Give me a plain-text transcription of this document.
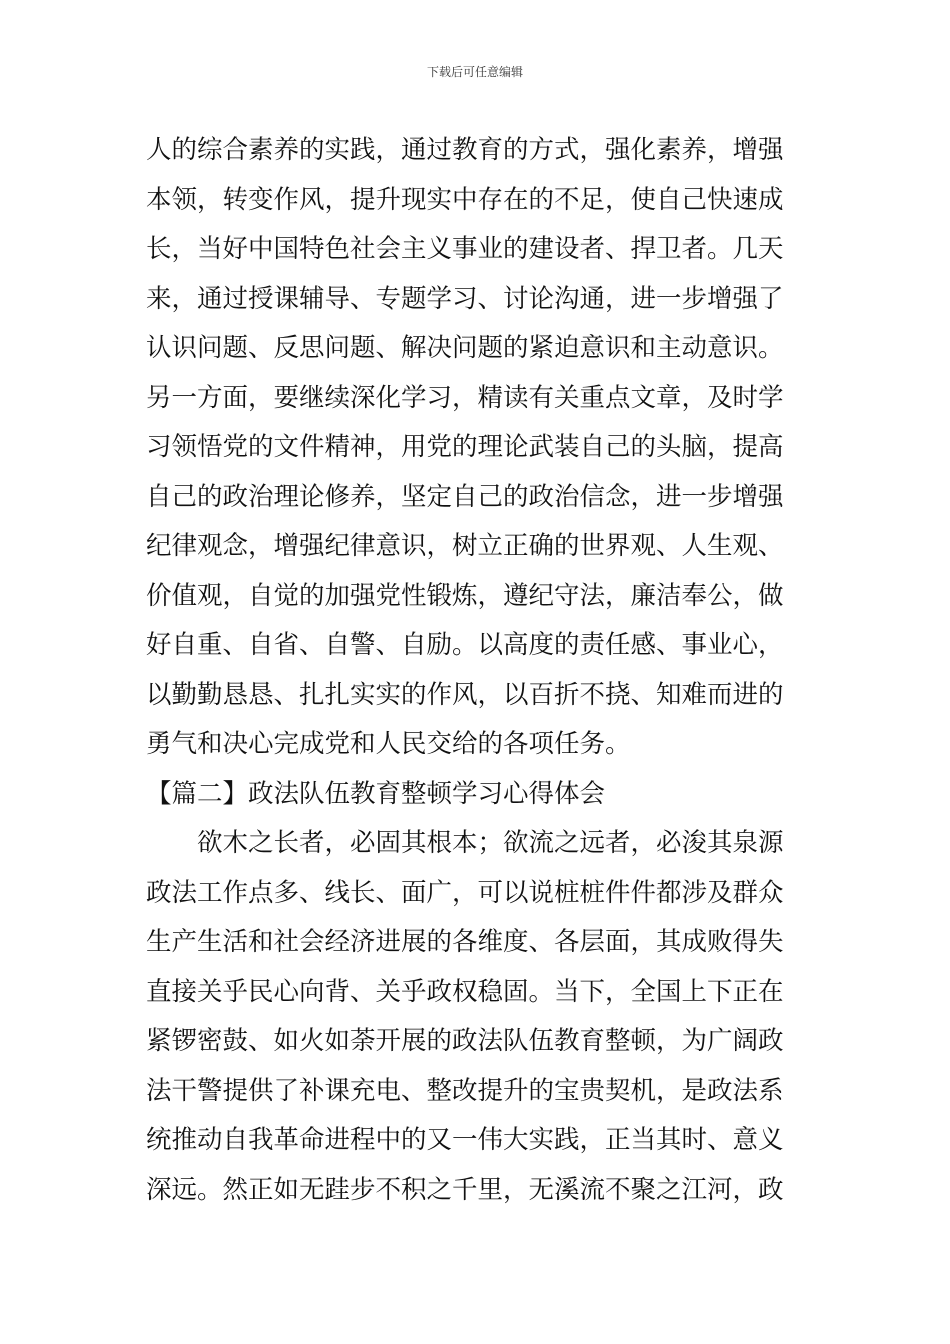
下载后可任意编辑
人的综合素养的实践，通过教育的方式，强化素养，增强
本领，转变作风，提升现实中存在的不足，使自己快速成
长，当好中国特色社会主义事业的建设者、捍卫者。几天
来，通过授课辅导、专题学习、讨论沟通，进一步增强了
认识问题、反思问题、解决问题的紧迫意识和主动意识。
另一方面，要继续深化学习，精读有关重点文章，及时学
习领悟党的文件精神，用党的理论武装自己的头脑，提高
自己的政治理论修养，坚定自己的政治信念，进一步增强
纪律观念，增强纪律意识，树立正确的世界观、人生观、
价值观，自觉的加强党性锻炼，遵纪守法，廉洁奉公，做
好自重、自省、自警、自励。以高度的责任感、事业心，
以勤勤恳恳、扎扎实实的作风，以百折不挠、知难而进的
勇气和决心完成党和人民交给的各项任务。
【篇二】政法队伍教育整顿学习心得体会
欲木之长者，必固其根本；欲流之远者，必浚其泉源
政法工作点多、线长、面广，可以说桩桩件件都涉及群众
生产生活和社会经济进展的各维度、各层面，其成败得失
直接关乎民心向背、关乎政权稳固。当下，全国上下正在
紧锣密鼓、如火如荼开展的政法队伍教育整顿，为广阔政
法干警提供了补课充电、整改提升的宝贵契机，是政法系
统推动自我革命进程中的又一伟大实践，正当其时、意义
深远。然正如无跬步不积之千里，无溪流不聚之江河，政
